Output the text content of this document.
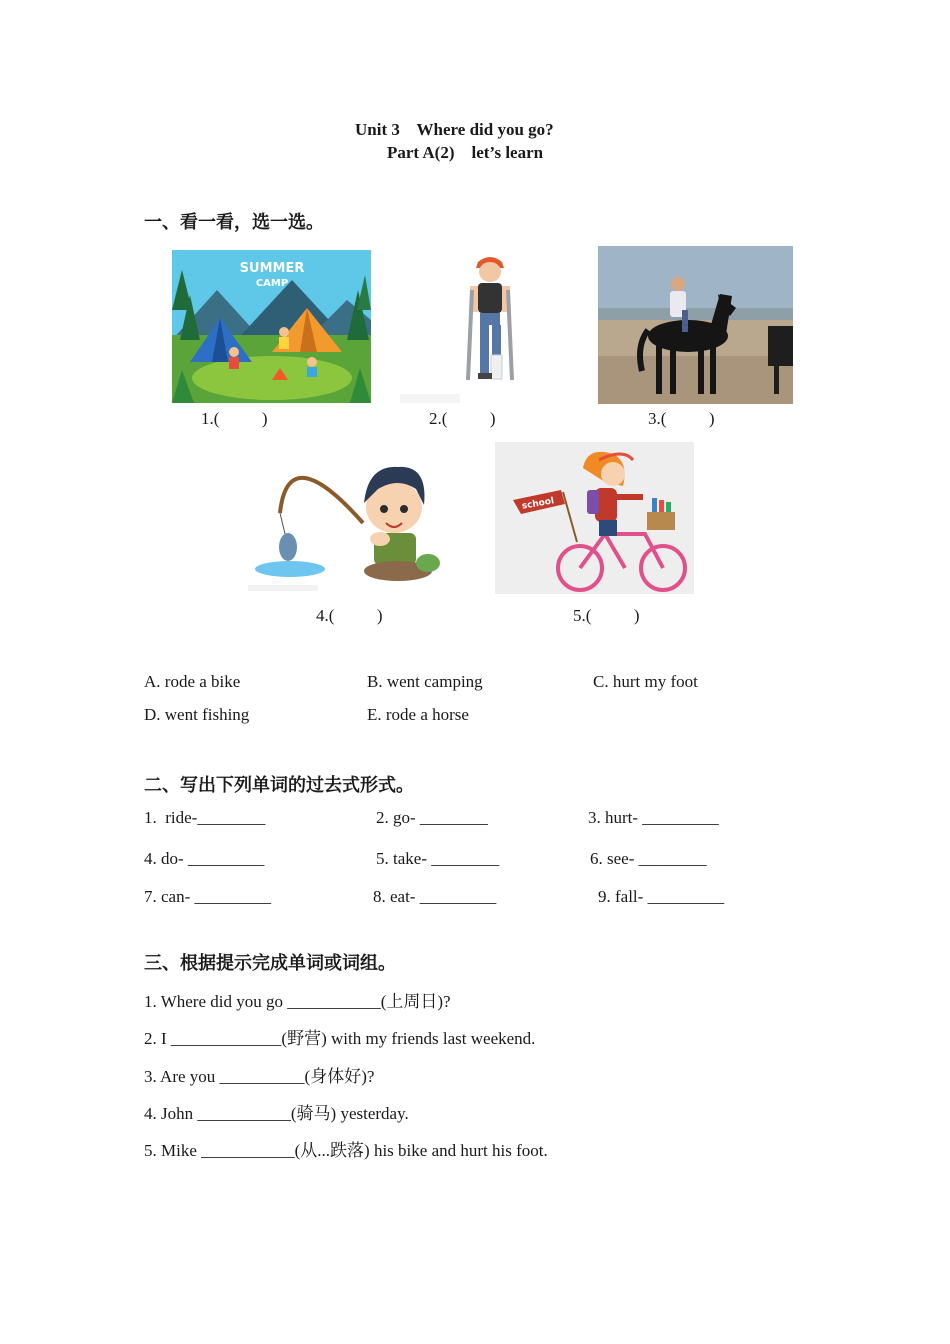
Unit 3    Where did you go?
Part A(2)    let’s learn
一、看一看，选一选。
SUMMER
CAMP
1.(          )	2.(          )	3.(          )
school
4.(          )	5.(          )
A. rode a bike	B. went camping	C. hurt my foot
D. went fishing	E. rode a horse
二、写出下列单词的过去式形式。
1.  ride-________	2. go- ________	3. hurt- _________
4. do- _________	5. take- ________	6. see- ________
7. can- _________	8. eat- _________	9. fall- _________
三、根据提示完成单词或词组。
1. Where did you go ___________(上周日)?
2. I _____________(野营) with my friends last weekend.
3. Are you __________(身体好)?
4. John ___________(骑马) yesterday.
5. Mike ___________(从...跌落) his bike and hurt his foot.
